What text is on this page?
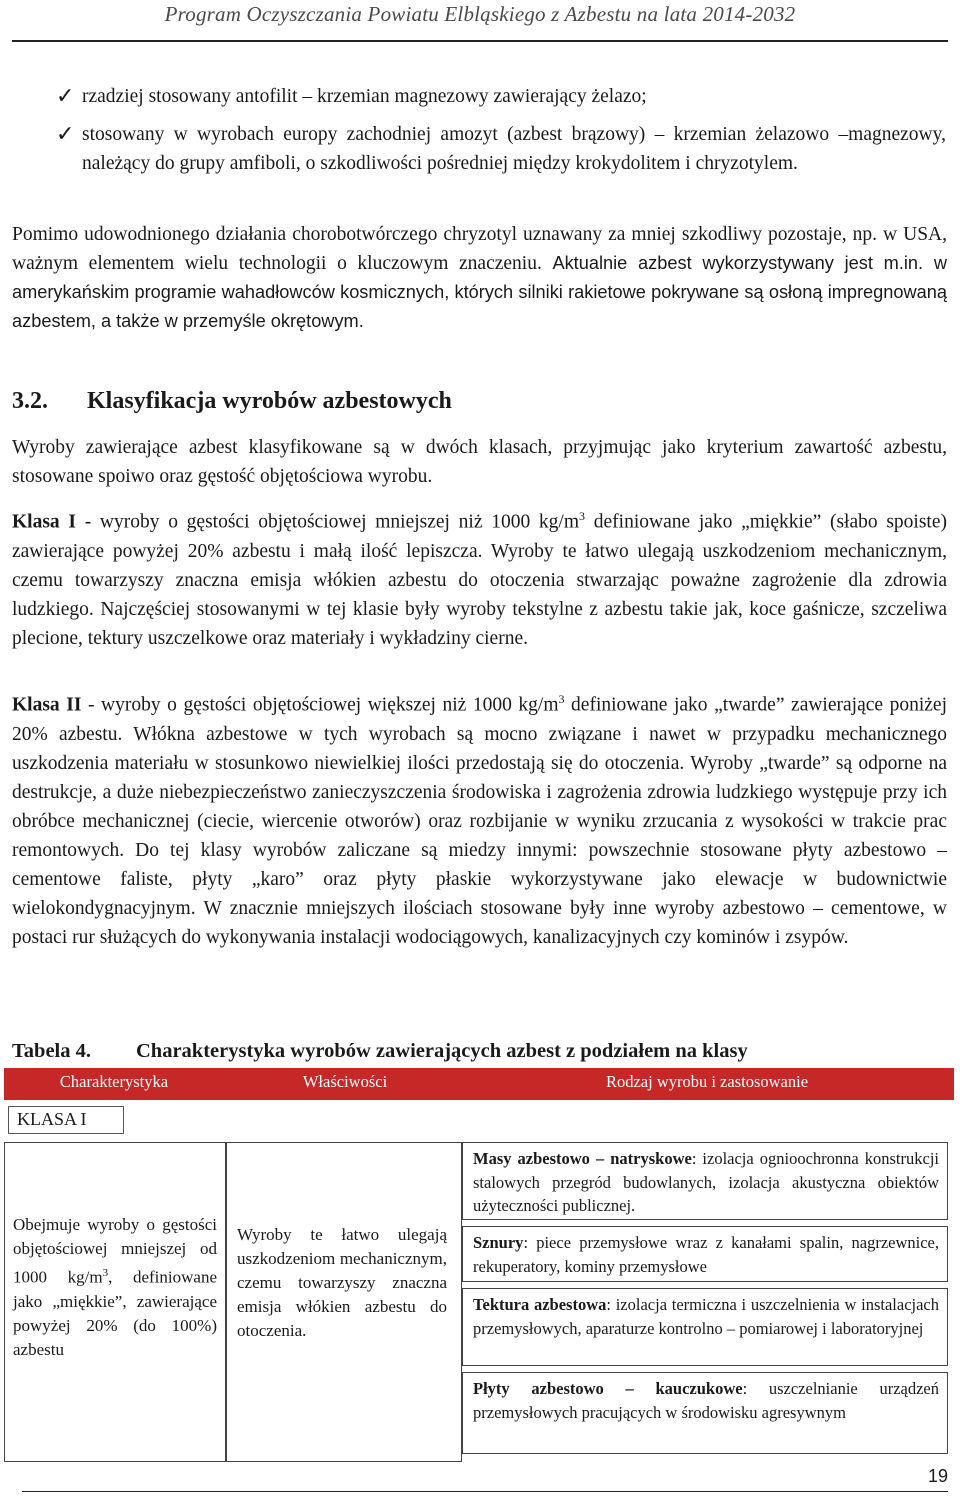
Program Oczyszczania Powiatu Elbląskiego z Azbestu na lata 2014-2032
✓ rzadziej stosowany antofilit – krzemian magnezowy zawierający żelazo;
✓ stosowany w wyrobach europy zachodniej amozyt (azbest brązowy) – krzemian żelazowo –magnezowy, należący do grupy amfiboli, o szkodliwości pośredniej między krokydolitem i chryzotylem.
Pomimo udowodnionego działania chorobotwórczego chryzotyl uznawany za mniej szkodliwy pozostaje, np. w USA, ważnym elementem wielu technologii o kluczowym znaczeniu. Aktualnie azbest wykorzystywany jest m.in. w amerykańskim programie wahadłowców kosmicznych, których silniki rakietowe pokrywane są osłoną impregnowaną azbestem, a także w przemyśle okrętowym.
3.2. Klasyfikacja wyrobów azbestowych
Wyroby zawierające azbest klasyfikowane są w dwóch klasach, przyjmując jako kryterium zawartość azbestu, stosowane spoiwo oraz gęstość objętościowa wyrobu.
Klasa I - wyroby o gęstości objętościowej mniejszej niż 1000 $kg/m^3$ definiowane jako „miękkie” (słabo spoiste) zawierające powyżej 20% azbestu i małą ilość lepiszcza. Wyroby te łatwo ulegają uszkodzeniom mechanicznym, czemu towarzyszy znaczna emisja włókien azbestu do otoczenia stwarzając poważne zagrożenie dla zdrowia ludzkiego. Najczęściej stosowanymi w tej klasie były wyroby tekstylne z azbestu takie jak, koce gaśnicze, szczeliwa plecione, tektury uszczelkowe oraz materiały i wykładziny cierne.
Klasa II - wyroby o gęstości objętościowej większej niż 1000 $kg/m^3$ definiowane jako „twarde” zawierające poniżej 20% azbestu. Włókna azbestowe w tych wyrobach są mocno związane i nawet w przypadku mechanicznego uszkodzenia materiału w stosunkowo niewielkiej ilości przedostają się do otoczenia. Wyroby „twarde” są odporne na destrukcje, a duże niebezpieczeństwo zanieczyszczenia środowiska i zagrożenia zdrowia ludzkiego występuje przy ich obróbce mechanicznej (ciecie, wiercenie otworów) oraz rozbijanie w wyniku zrzucania z wysokości w trakcie prac remontowych. Do tej klasy wyrobów zaliczane są miedzy innymi: powszechnie stosowane płyty azbestowo – cementowe faliste, płyty „karo” oraz płyty płaskie wykorzystywane jako elewacje w budownictwie wielokondygnacyjnym. W znacznie mniejszych ilościach stosowane były inne wyroby azbestowo – cementowe, w postaci rur służących do wykonywania instalacji wodociągowych, kanalizacyjnych czy kominów i zsypów.
Tabela 4. Charakterystyka wyrobów zawierających azbest z podziałem na klasy
Charakterystyka	Właściwości	Rodzaj wyrobu i zastosowanie
KLASA I
Obejmuje wyroby o gęstości objętościowej mniejszej od 1000 $kg/m^3$, definiowane jako „miękkie”, zawierające powyżej 20% (do 100%) azbestu
Wyroby te łatwo ulegają uszkodzeniom mechanicznym, czemu towarzyszy znaczna emisja włókien azbestu do otoczenia.
Masy azbestowo – natryskowe: izolacja ognioochronna konstrukcji stalowych przegród budowlanych, izolacja akustyczna obiektów użyteczności publicznej.
Sznury: piece przemysłowe wraz z kanałami spalin, nagrzewnice, rekuperatory, kominy przemysłowe
Tektura azbestowa: izolacja termiczna i uszczelnienia w instalacjach przemysłowych, aparaturze kontrolno – pomiarowej i laboratoryjnej
Płyty azbestowo – kauczukowe: uszczelnianie urządzeń przemysłowych pracujących w środowisku agresywnym
19
